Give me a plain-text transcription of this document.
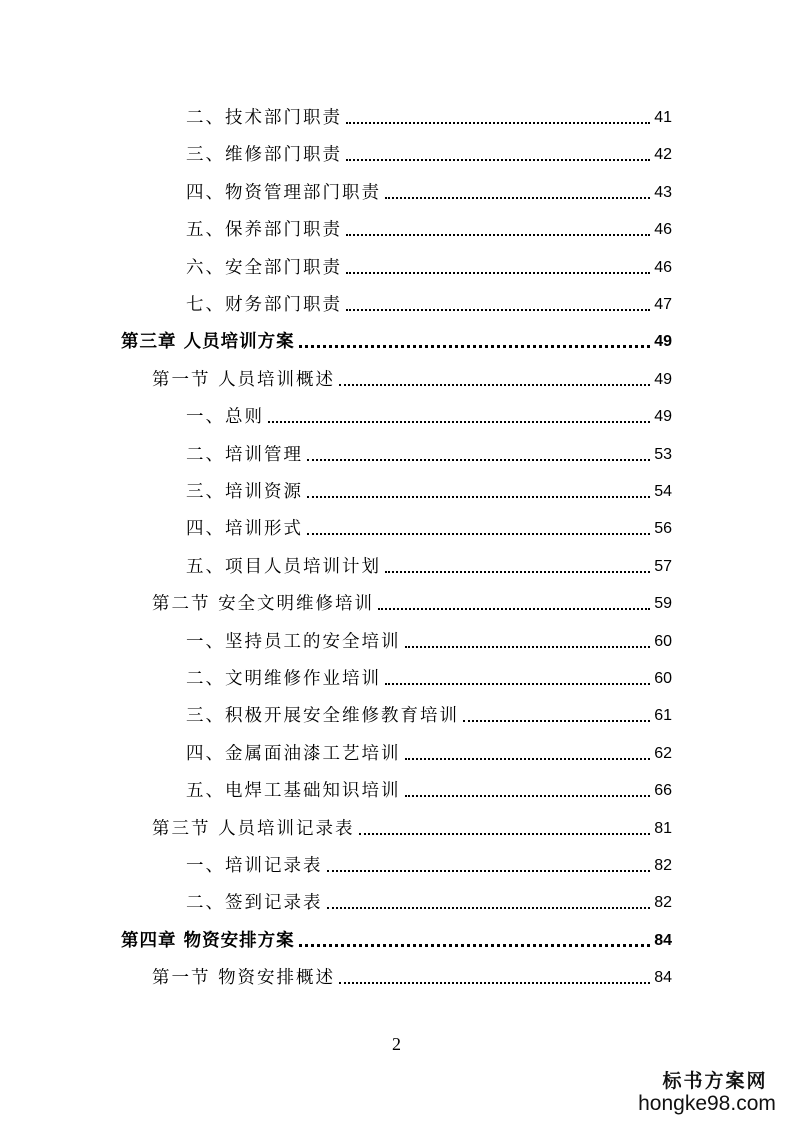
二、技术部门职责	41
三、维修部门职责	42
四、物资管理部门职责	43
五、保养部门职责	46
六、安全部门职责	46
七、财务部门职责	47
第三章 人员培训方案	49
第一节 人员培训概述	49
一、总则	49
二、培训管理	53
三、培训资源	54
四、培训形式	56
五、项目人员培训计划	57
第二节 安全文明维修培训	59
一、坚持员工的安全培训	60
二、文明维修作业培训	60
三、积极开展安全维修教育培训	61
四、金属面油漆工艺培训	62
五、电焊工基础知识培训	66
第三节 人员培训记录表	81
一、培训记录表	82
二、签到记录表	82
第四章 物资安排方案	84
第一节 物资安排概述	84
2
标书方案网
hongke98.com
